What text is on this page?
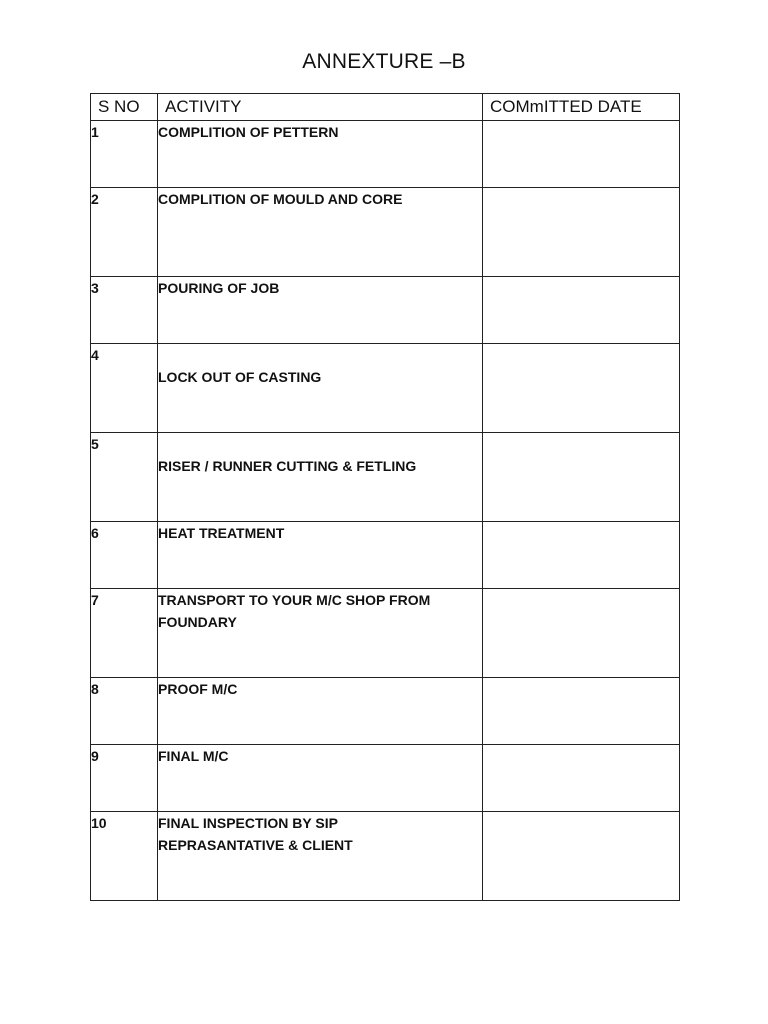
ANNEXTURE –B
S NO	ACTIVITY	COMmITTED DATE
1	COMPLITION OF PETTERN	

2	COMPLITION OF MOULD AND CORE	

3	POURING OF JOB	

4	LOCK OUT OF CASTING	

5	RISER / RUNNER CUTTING & FETLING	

6	HEAT TREATMENT	

7	TRANSPORT TO YOUR M/C SHOP FROM
FOUNDARY	

8	PROOF M/C	

9	FINAL M/C	

10	FINAL INSPECTION BY SIP
REPRASANTATIVE & CLIENT	
